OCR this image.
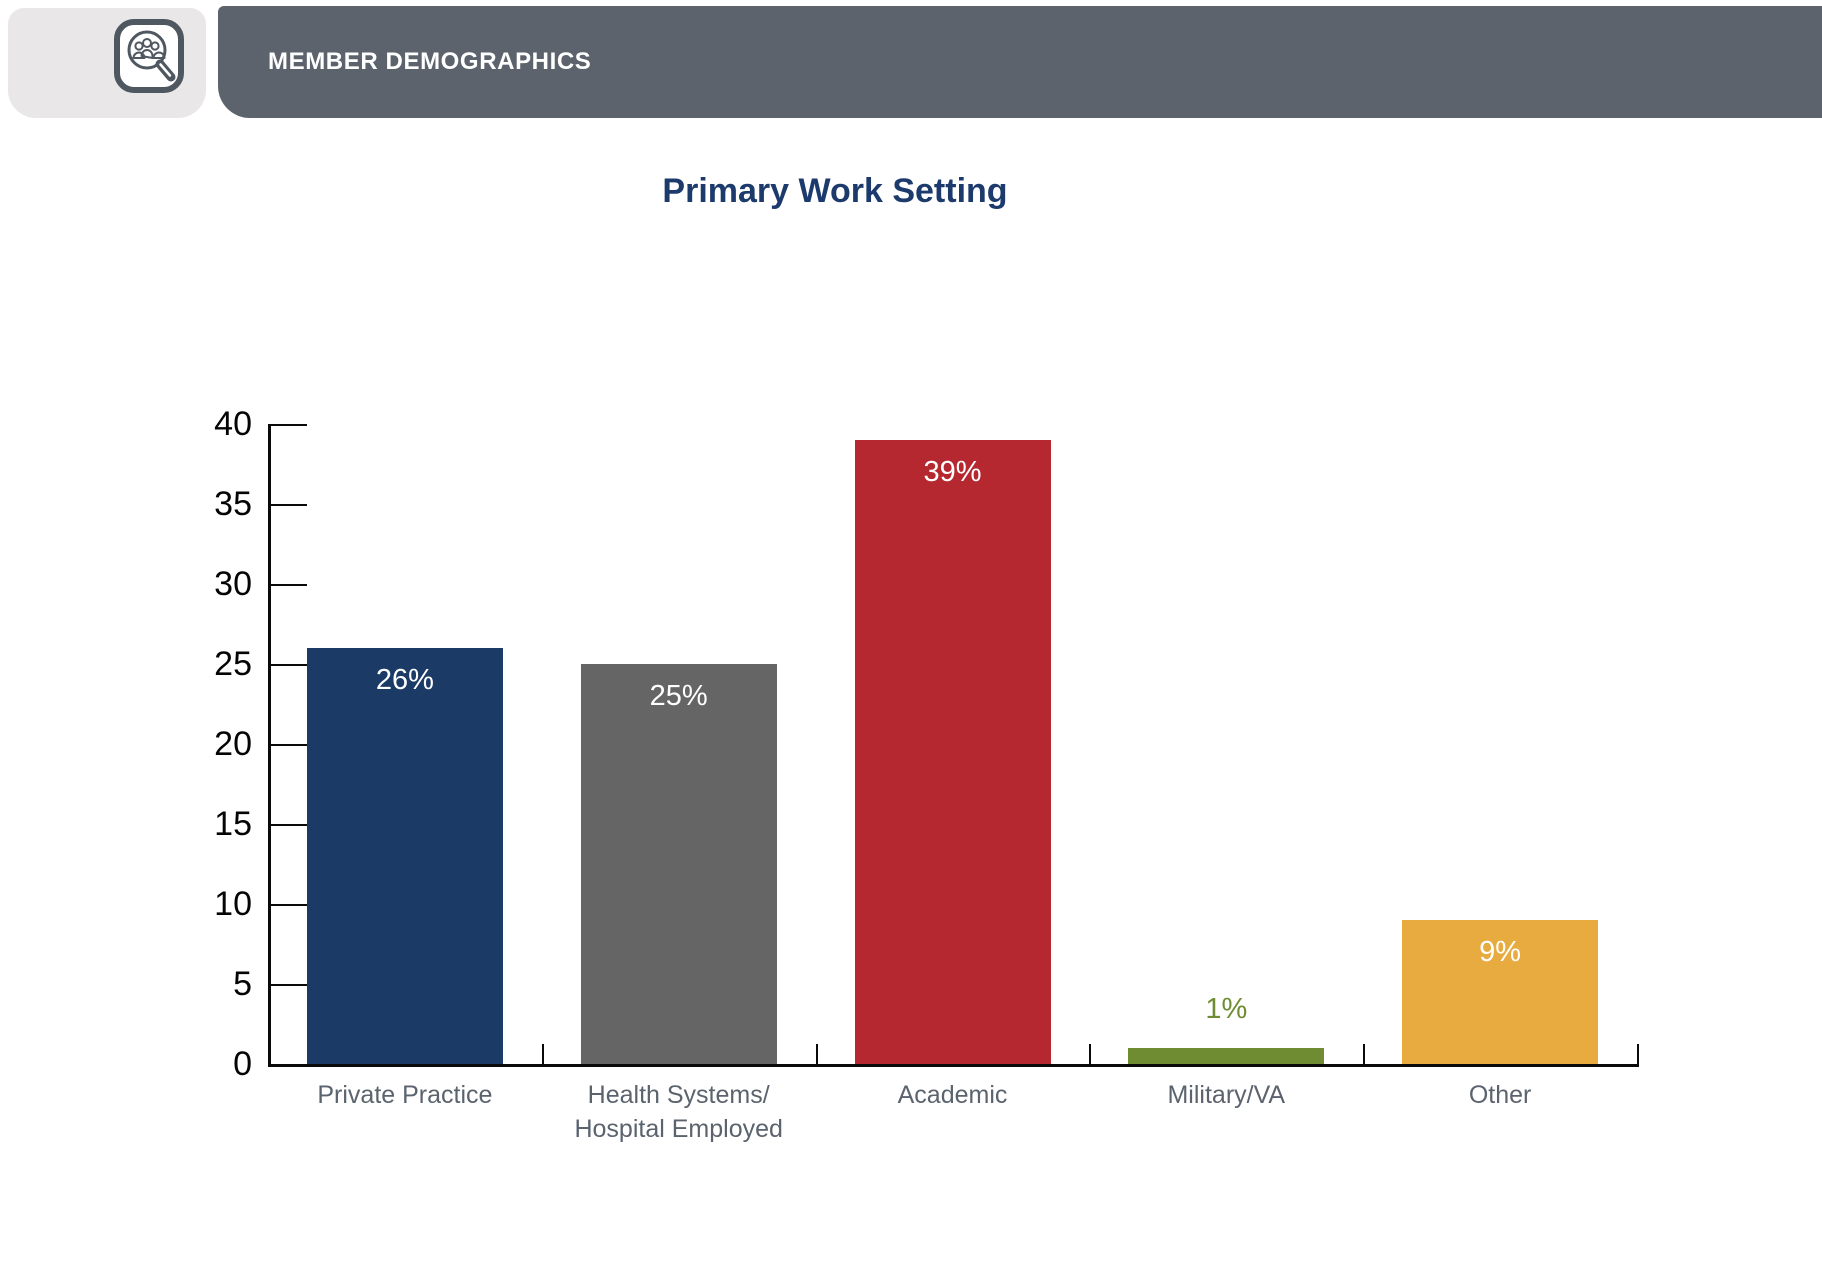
MEMBER DEMOGRAPHICS
Primary Work Setting
0
5
10
15
20
25
30
35
40
26%
Private Practice
25%
Health Systems/
Hospital Employed
39%
Academic
1%
Military/VA
9%
Other
